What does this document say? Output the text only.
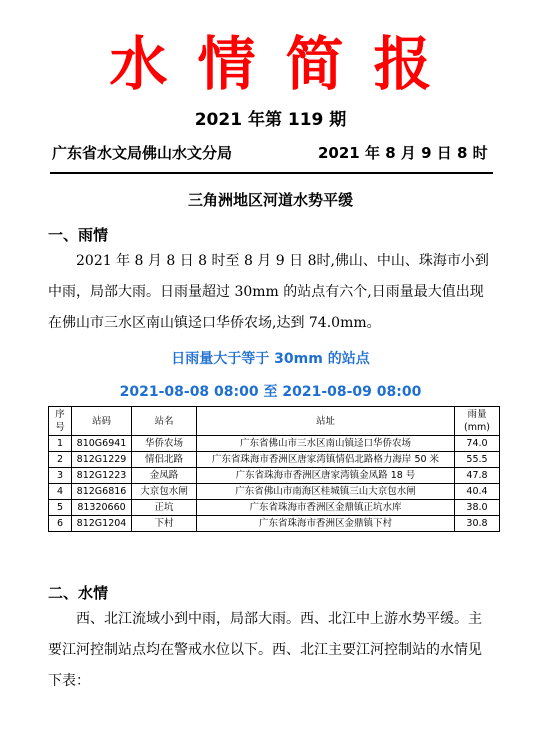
水情简报
2021 年第 119 期
广东省水文局佛山水文分局	2021 年 8 月 9 日 8 时
三角洲地区河道水势平缓
一、雨情
2021 年 8 月 8 日 8 时至 8 月 9 日 8时,佛山、中山、珠海市小到中雨，局部大雨。日雨量超过 30mm 的站点有六个,日雨量最大值出现在佛山市三水区南山镇迳口华侨农场,达到 74.0mm。
日雨量大于等于 30mm 的站点
2021-08-08 08:00 至 2021-08-09 08:00
序号	站码	站名	站址	雨量(mm)
1	810G6941	华侨农场	广东省佛山市三水区南山镇迳口华侨农场	74.0
2	812G1229	情侣北路	广东省珠海市香洲区唐家湾镇情侣北路格力海岸 50 米	55.5
3	812G1223	金凤路	广东省珠海市香洲区唐家湾镇金凤路 18 号	47.8
4	812G6816	大京包水闸	广东省佛山市南海区桂城镇三山大京包水闸	40.4
5	81320660	正坑	广东省珠海市香洲区金鼎镇正坑水库	38.0
6	812G1204	下村	广东省珠海市香洲区金鼎镇下村	30.8
二、水情
西、北江流域小到中雨，局部大雨。西、北江中上游水势平缓。主要江河控制站点均在警戒水位以下。西、北江主要江河控制站的水情见下表：
